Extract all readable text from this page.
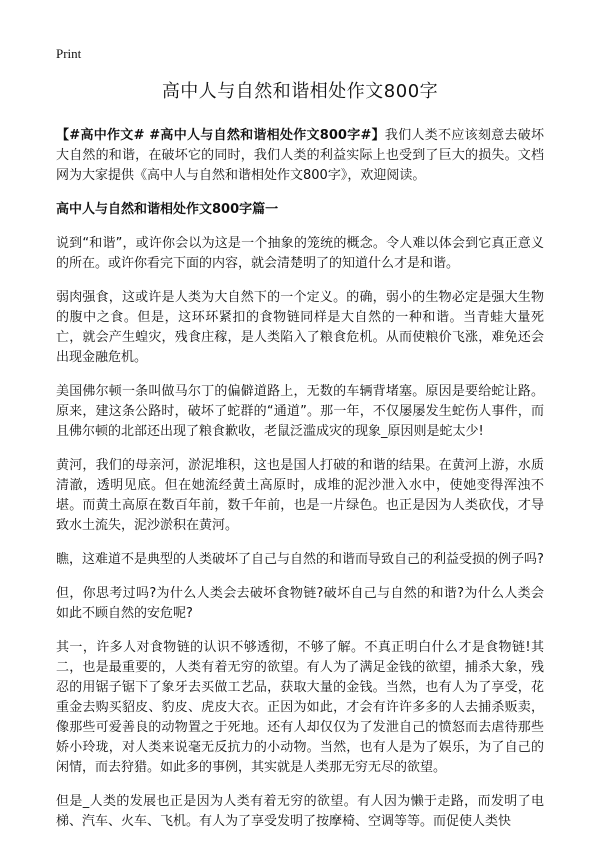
Print
高中人与自然和谐相处作文800字

【#高中作文# #高中人与自然和谐相处作文800字#】我们人类不应该刻意去破坏大自然的和谐，在破坏它的同时，我们人类的利益实际上也受到了巨大的损失。文档网为大家提供《高中人与自然和谐相处作文800字》，欢迎阅读。

高中人与自然和谐相处作文800字篇一

说到“和谐”，或许你会以为这是一个抽象的笼统的概念。令人难以体会到它真正意义的所在。或许你看完下面的内容，就会清楚明了的知道什么才是和谐。

弱肉强食，这或许是人类为大自然下的一个定义。的确，弱小的生物必定是强大生物的腹中之食。但是，这环环紧扣的食物链同样是大自然的一种和谐。当青蛙大量死亡，就会产生蝗灾，残食庄稼，是人类陷入了粮食危机。从而使粮价飞涨，难免还会出现金融危机。

美国佛尔顿一条叫做马尔丁的偏僻道路上，无数的车辆背堵塞。原因是要给蛇让路。原来，建这条公路时，破坏了蛇群的“通道”。那一年，不仅屡屡发生蛇伤人事件，而且佛尔顿的北部还出现了粮食歉收，老鼠泛滥成灾的现象_原因则是蛇太少!

黄河，我们的母亲河，淤泥堆积，这也是国人打破的和谐的结果。在黄河上游，水质清澈，透明见底。但在她流经黄土高原时，成堆的泥沙泄入水中，使她变得浑浊不堪。而黄土高原在数百年前，数千年前，也是一片绿色。也正是因为人类砍伐，才导致水土流失，泥沙淤积在黄河。

瞧，这难道不是典型的人类破坏了自己与自然的和谐而导致自己的利益受损的例子吗?

但，你思考过吗?为什么人类会去破坏食物链?破坏自己与自然的和谐?为什么人类会如此不顾自然的安危呢?

其一，许多人对食物链的认识不够透彻，不够了解。不真正明白什么才是食物链!其二，也是最重要的，人类有着无穷的欲望。有人为了满足金钱的欲望，捕杀大象，残忍的用锯子锯下了象牙去买做工艺品，获取大量的金钱。当然，也有人为了享受，花重金去购买貂皮、豹皮、虎皮大衣。正因为如此，才会有许许多多的人去捕杀贩卖，像那些可爱善良的动物置之于死地。还有人却仅仅为了发泄自己的愤怒而去虐待那些娇小玲珑，对人类来说毫无反抗力的小动物。当然，也有人是为了娱乐，为了自己的闲情，而去狩猎。如此多的事例，其实就是人类那无穷无尽的欲望。

但是_人类的发展也正是因为人类有着无穷的欲望。有人因为懒于走路，而发明了电梯、汽车、火车、飞机。有人为了享受发明了按摩椅、空调等等。而促使人类快
